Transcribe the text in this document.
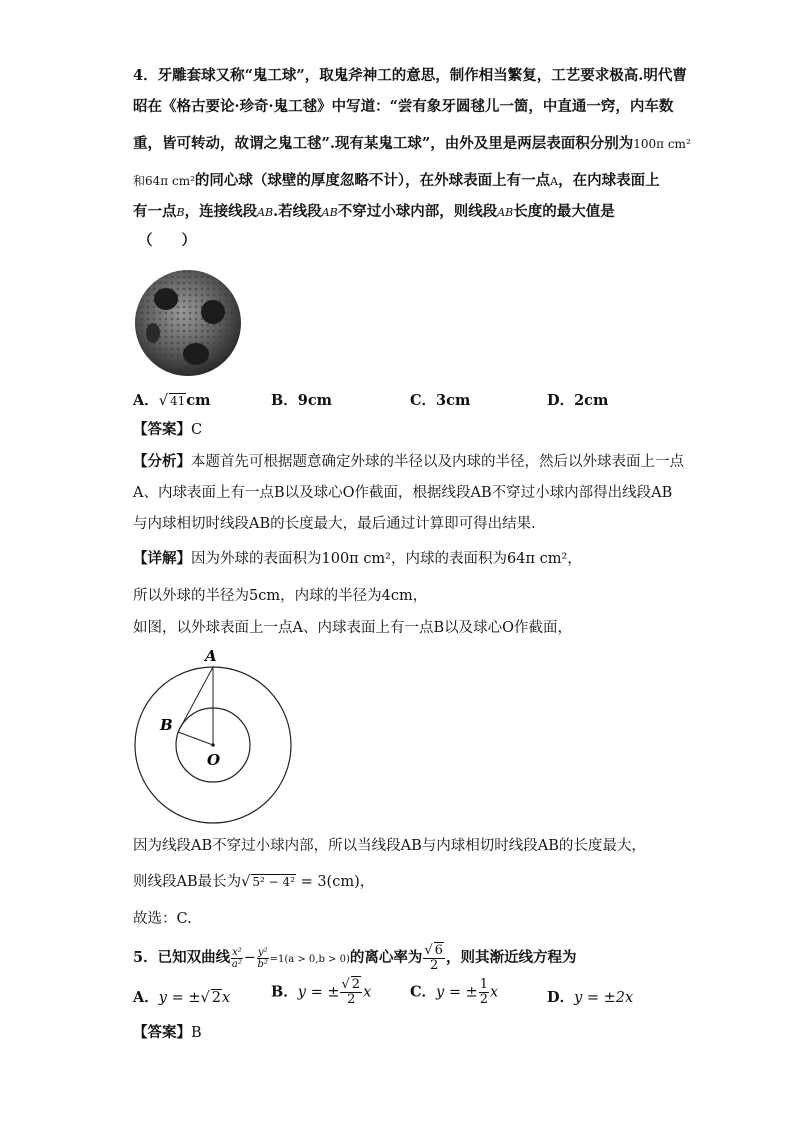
4．牙雕套球又称“鬼工球”，取鬼斧神工的意思，制作相当繁复，工艺要求极高.明代曹
昭在《格古要论·珍奇·鬼工毬》中写道：“尝有象牙圆毬儿一箇，中直通一窍，内车数
重，皆可转动，故谓之鬼工毬”.现有某鬼工球”，由外及里是两层表面积分别为100π cm²
和64π cm²的同心球（球壁的厚度忽略不计），在外球表面上有一点A，在内球表面上
有一点B，连接线段AB.若线段AB不穿过小球内部，则线段AB长度的最大值是
（　　）
A．√ 41cm	B．9cm	C．3cm	D．2cm
【答案】C
【分析】本题首先可根据题意确定外球的半径以及内球的半径，然后以外球表面上一点
A、内球表面上有一点B以及球心O作截面，根据线段AB不穿过小球内部得出线段AB
与内球相切时线段AB的长度最大，最后通过计算即可得出结果.
【详解】因为外球的表面积为100π cm²，内球的表面积为64π cm²，
所以外球的半径为5cm，内球的半径为4cm，
如图，以外球表面上一点A、内球表面上有一点B以及球心O作截面，
A
B
O
因为线段AB不穿过小球内部，所以当线段AB与内球相切时线段AB的长度最大，
则线段AB最长为√ 5² − 4² = 3(cm)，
故选：C.
5．已知双曲线 $\frac{\text{x²}}{\text{a²}} - \frac{\text{y²}}{\text{b²}} =1(a > 0,b > 0)$的离心率为 $\frac{√ 6}{2}$ ，则其渐近线方程为
A．y = ±√ 2x	B．y = ± $\frac{√ 2}{2}$ x	C．y = ± $\frac{1}{2}$ x	D．y = ±2x
【答案】B
